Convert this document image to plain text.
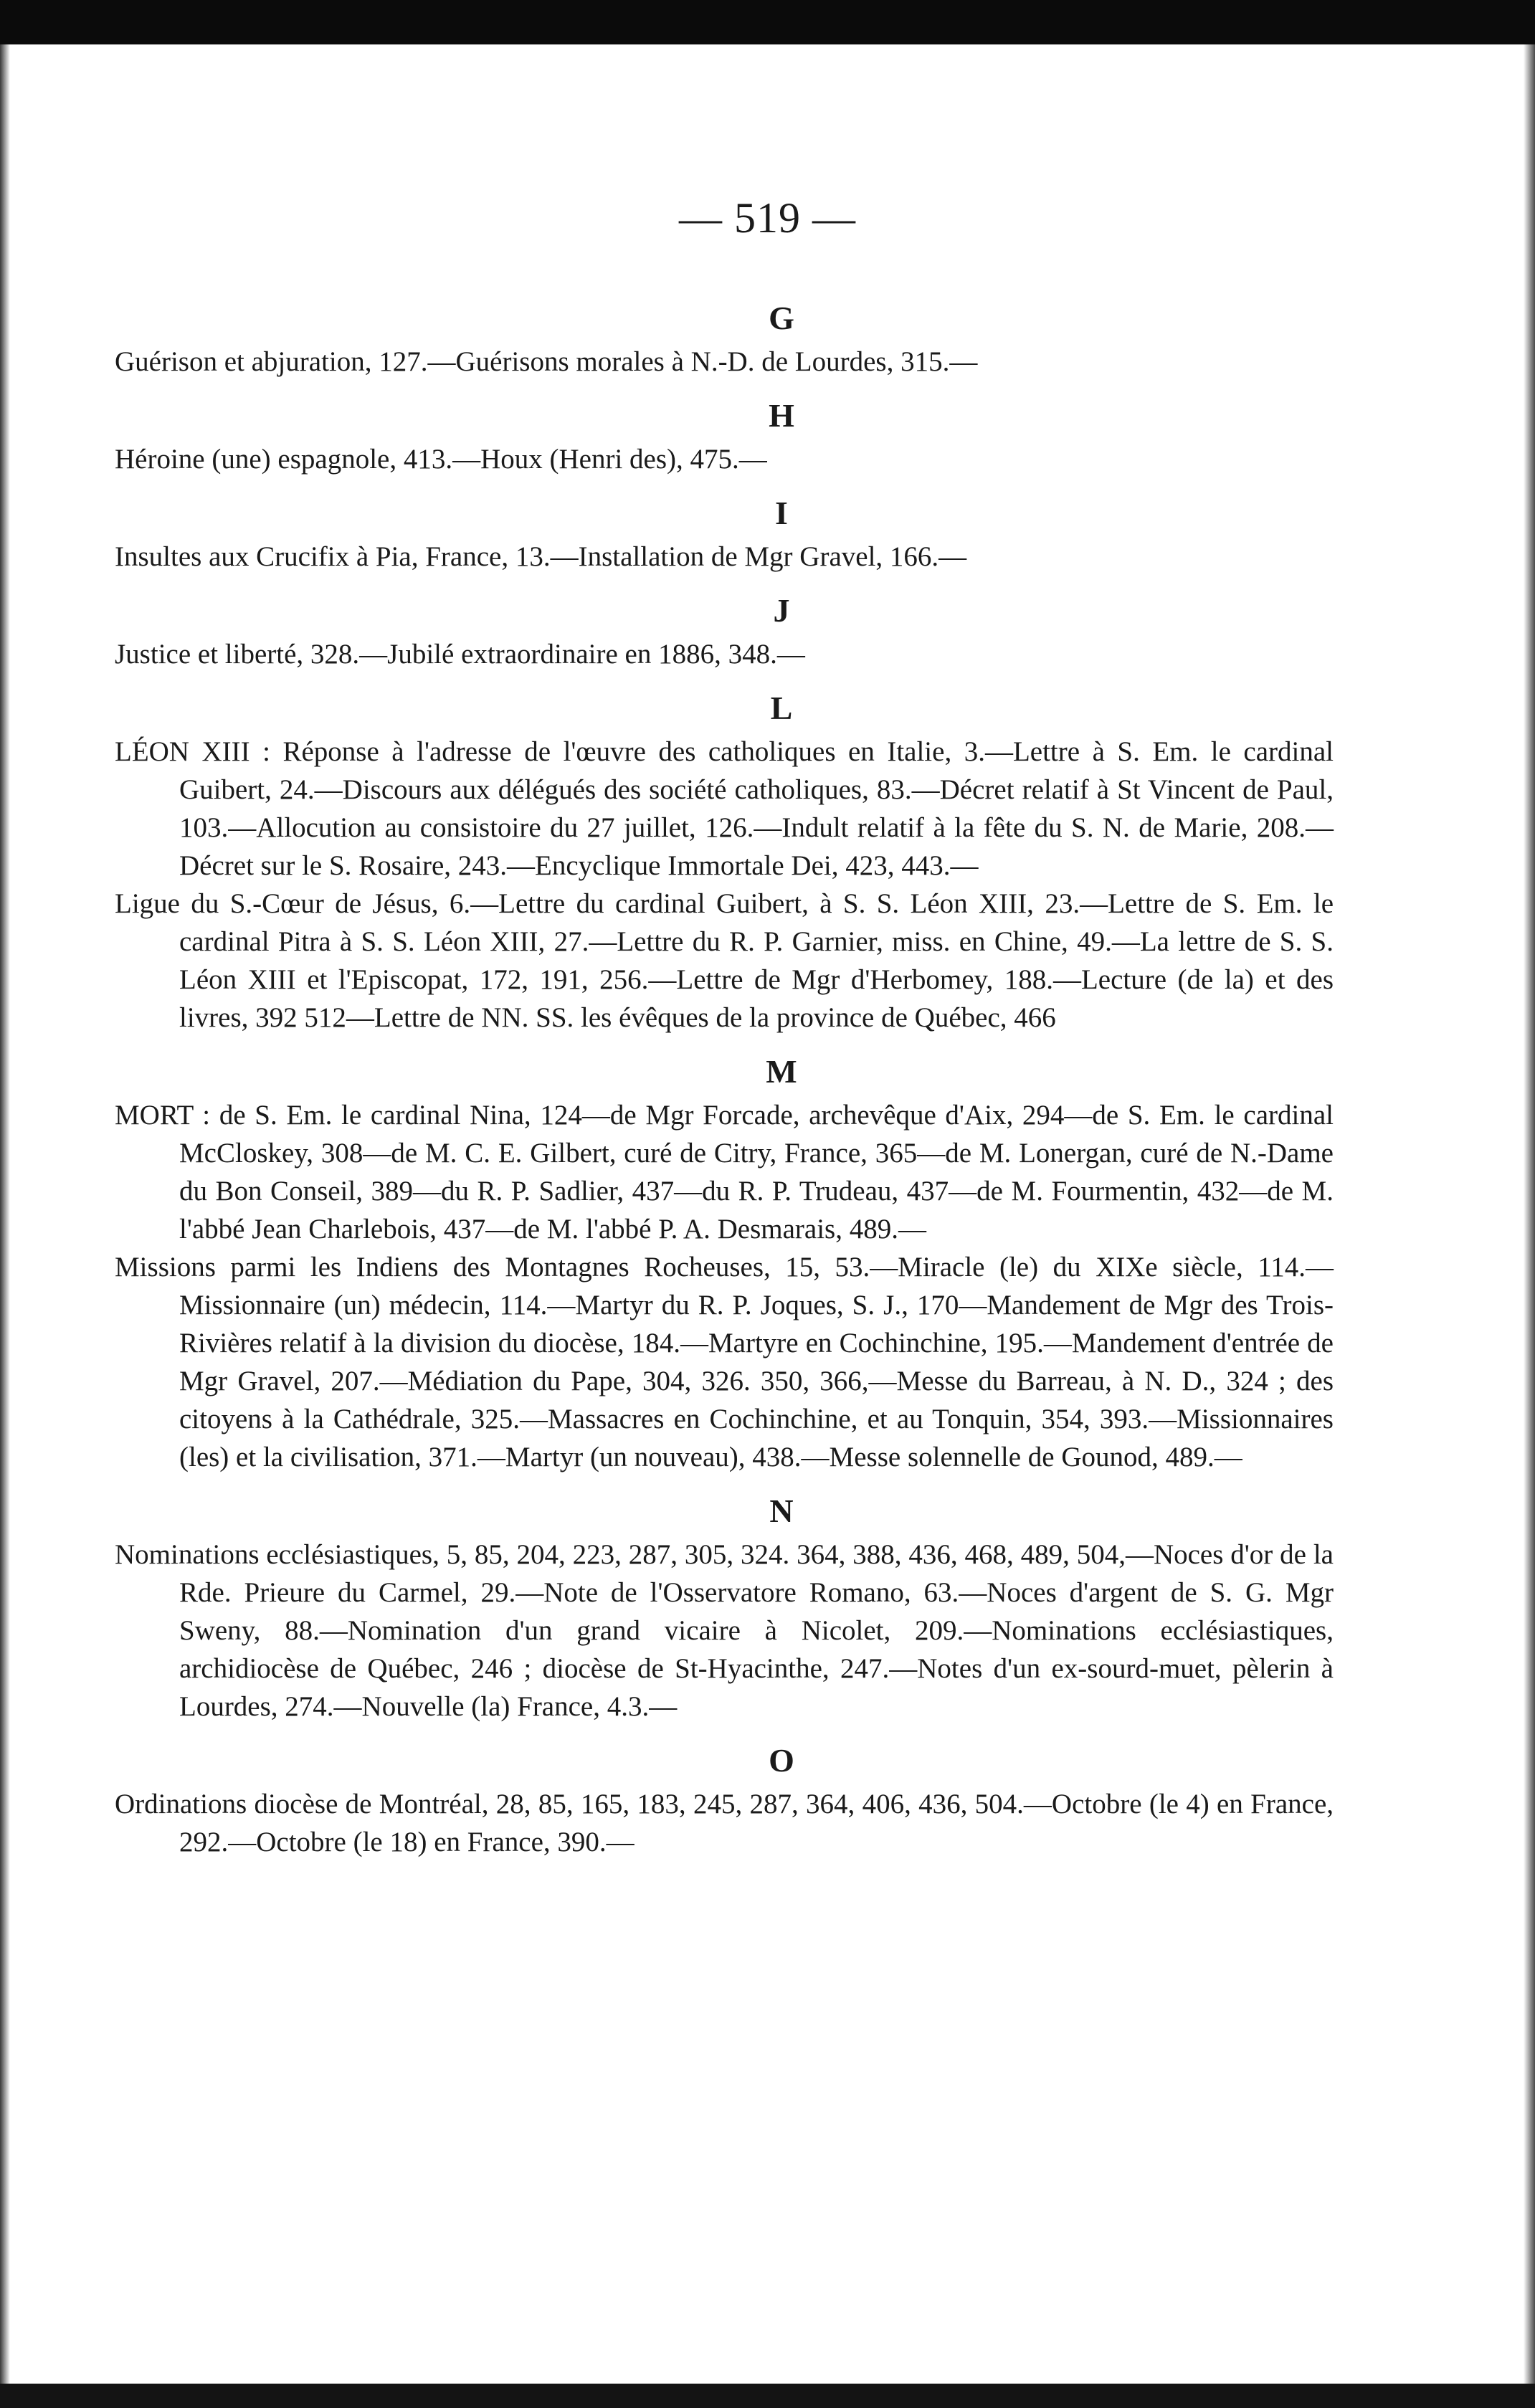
— 519 —
G
Guérison et abjuration, 127.—Guérisons morales à N.-D. de Lourdes, 315.—
H
Héroine (une) espagnole, 413.—Houx (Henri des), 475.—
I
Insultes aux Crucifix à Pia, France, 13.—Installation de Mgr Gravel, 166.—
J
Justice et liberté, 328.—Jubilé extraordinaire en 1886, 348.—
L
LÉON XIII : Réponse à l'adresse de l'œuvre des catholiques en Italie, 3.—Lettre à S. Em. le cardinal Guibert, 24.—Discours aux délégués des société catholiques, 83.—Décret relatif à St Vincent de Paul, 103.—Allocution au consistoire du 27 juillet, 126.—Indult relatif à la fête du S. N. de Marie, 208.—Décret sur le S. Rosaire, 243.—Encyclique Immortale Dei, 423, 443.—
Ligue du S.-Cœur de Jésus, 6.—Lettre du cardinal Guibert, à S. S. Léon XIII, 23.—Lettre de S. Em. le cardinal Pitra à S. S. Léon XIII, 27.—Lettre du R. P. Garnier, miss. en Chine, 49.—La lettre de S. S. Léon XIII et l'Episcopat, 172, 191, 256.—Lettre de Mgr d'Herbomey, 188.—Lecture (de la) et des livres, 392 512—Lettre de NN. SS. les évêques de la province de Québec, 466
M
MORT : de S. Em. le cardinal Nina, 124—de Mgr Forcade, archevêque d'Aix, 294—de S. Em. le cardinal McCloskey, 308—de M. C. E. Gilbert, curé de Citry, France, 365—de M. Lonergan, curé de N.-Dame du Bon Conseil, 389—du R. P. Sadlier, 437—du R. P. Trudeau, 437—de M. Fourmentin, 432—de M. l'abbé Jean Charlebois, 437—de M. l'abbé P. A. Desmarais, 489.—
Missions parmi les Indiens des Montagnes Rocheuses, 15, 53.—Miracle (le) du XIXe siècle, 114.—Missionnaire (un) médecin, 114.—Martyr du R. P. Joques, S. J., 170—Mandement de Mgr des Trois-Rivières relatif à la division du diocèse, 184.—Martyre en Cochinchine, 195.—Mandement d'entrée de Mgr Gravel, 207.—Médiation du Pape, 304, 326. 350, 366,—Messe du Barreau, à N. D., 324 ; des citoyens à la Cathédrale, 325.—Massacres en Cochinchine, et au Tonquin, 354, 393.—Missionnaires (les) et la civilisation, 371.—Martyr (un nouveau), 438.—Messe solennelle de Gounod, 489.—
N
Nominations ecclésiastiques, 5, 85, 204, 223, 287, 305, 324. 364, 388, 436, 468, 489, 504,—Noces d'or de la Rde. Prieure du Carmel, 29.—Note de l'Osservatore Romano, 63.—Noces d'argent de S. G. Mgr Sweny, 88.—Nomination d'un grand vicaire à Nicolet, 209.—Nominations ecclésiastiques, archidiocèse de Québec, 246 ; diocèse de St-Hyacinthe, 247.—Notes d'un ex-sourd-muet, pèlerin à Lourdes, 274.—Nouvelle (la) France, 4.3.—
O
Ordinations diocèse de Montréal, 28, 85, 165, 183, 245, 287, 364, 406, 436, 504.—Octobre (le 4) en France, 292.—Octobre (le 18) en France, 390.—
